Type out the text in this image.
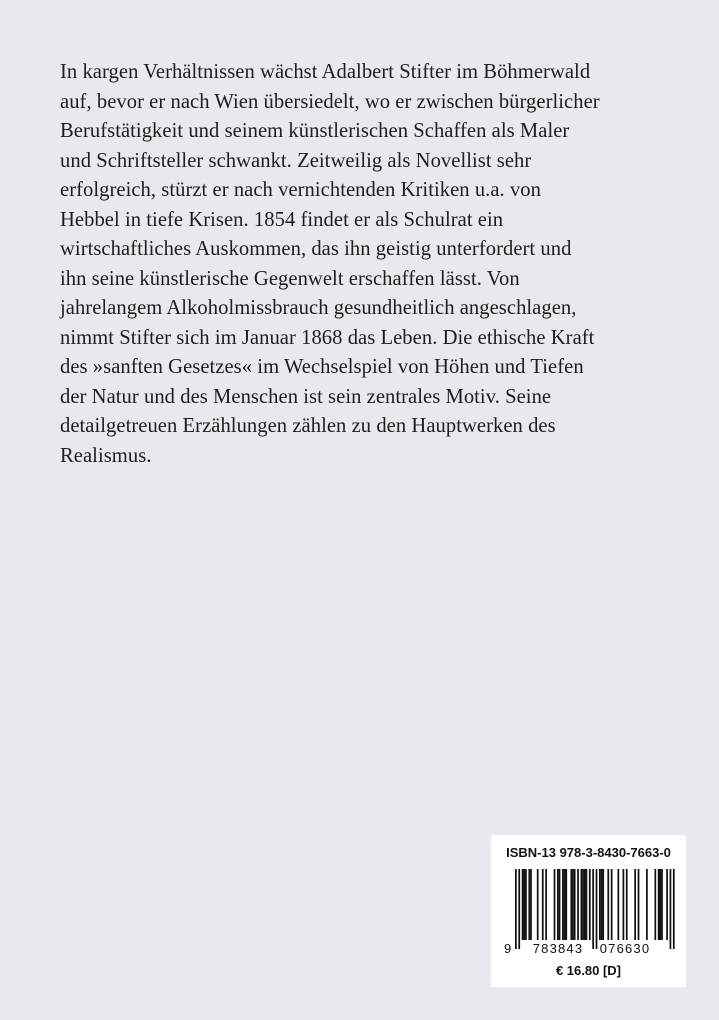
In kargen Verhältnissen wächst Adalbert Stifter im Böhmerwald
auf, bevor er nach Wien übersiedelt, wo er zwischen bürgerlicher
Berufstätigkeit und seinem künstlerischen Schaffen als Maler
und Schriftsteller schwankt. Zeitweilig als Novellist sehr
erfolgreich, stürzt er nach vernichtenden Kritiken u.a. von
Hebbel in tiefe Krisen. 1854 findet er als Schulrat ein
wirtschaftliches Auskommen, das ihn geistig unterfordert und
ihn seine künstlerische Gegenwelt erschaffen lässt. Von
jahrelangem Alkoholmissbrauch gesundheitlich angeschlagen,
nimmt Stifter sich im Januar 1868 das Leben. Die ethische Kraft
des »sanften Gesetzes« im Wechselspiel von Höhen und Tiefen
der Natur und des Menschen ist sein zentrales Motiv. Seine
detailgetreuen Erzählungen zählen zu den Hauptwerken des
Realismus.
ISBN-13 978-3-8430-7663-0
9 783843 076630
€ 16.80 [D]
